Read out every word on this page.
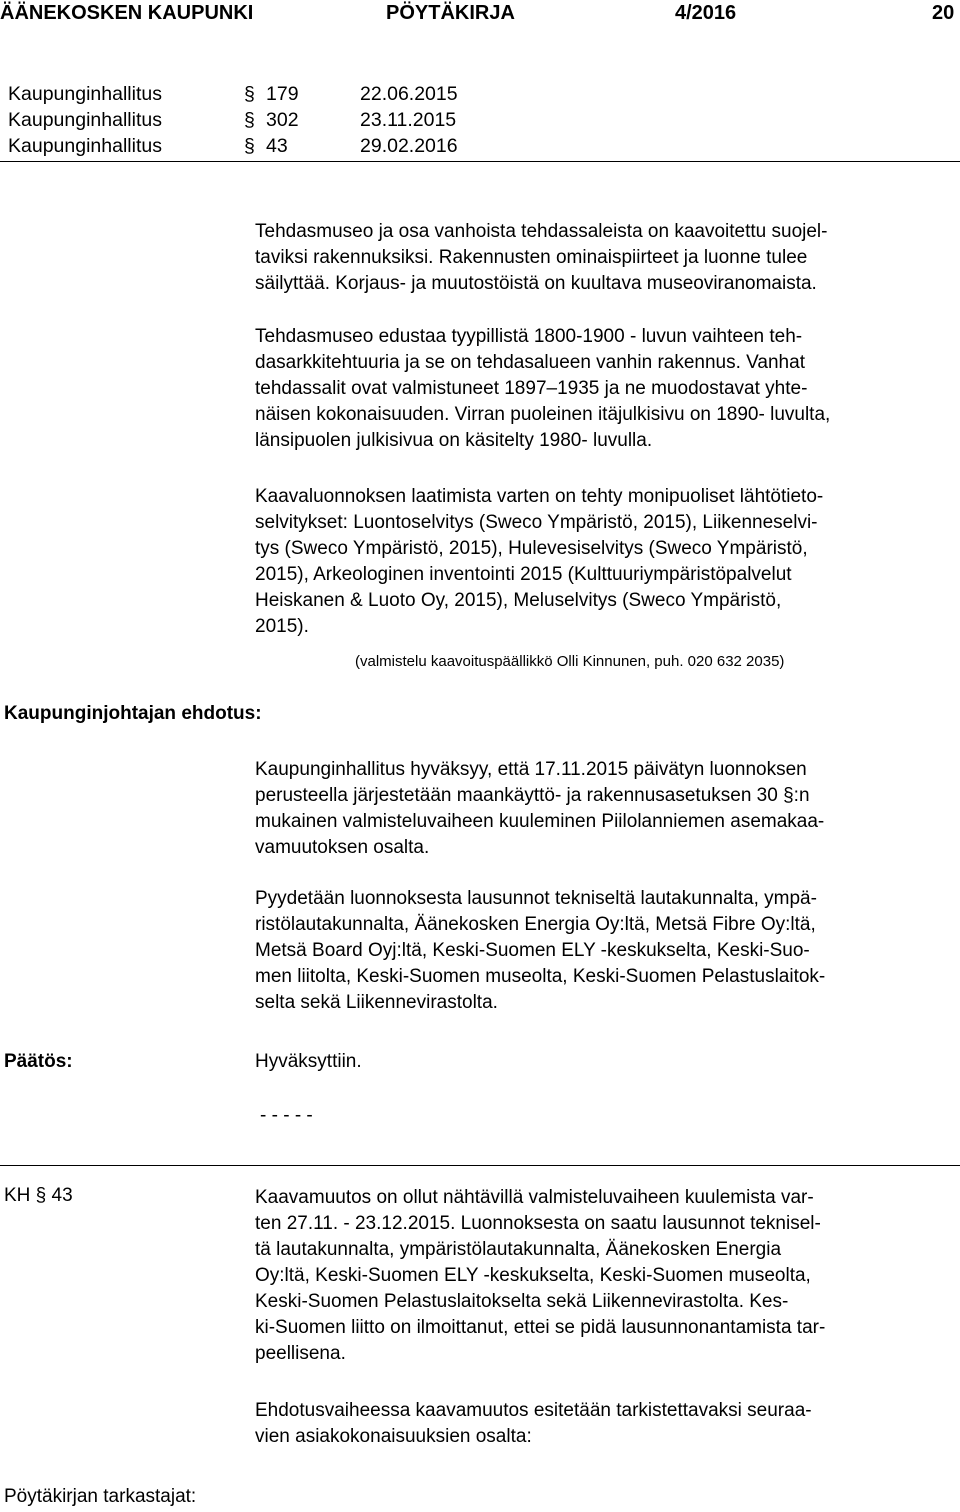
ÄÄNEKOSKEN KAUPUNKI	PÖYTÄKIRJA	4/2016	20
Kaupunginhallitus	§ 179	22.06.2015
Kaupunginhallitus	§ 302	23.11.2015
Kaupunginhallitus	§ 43	29.02.2016
Tehdasmuseo ja osa vanhoista tehdassaleista on kaavoitettu suojel-
taviksi rakennuksiksi. Rakennusten ominaispiirteet ja luonne tulee
säilyttää. Korjaus- ja muutostöistä on kuultava museoviranomaista.
Tehdasmuseo edustaa tyypillistä 1800-1900 - luvun vaihteen teh-
dasarkkitehtuuria ja se on tehdasalueen vanhin rakennus. Vanhat
tehdassalit ovat valmistuneet 1897–1935 ja ne muodostavat yhte-
näisen kokonaisuuden. Virran puoleinen itäjulkisivu on 1890- luvulta,
länsipuolen julkisivua on käsitelty 1980- luvulla.
Kaavaluonnoksen laatimista varten on tehty monipuoliset lähtötieto-
selvitykset: Luontoselvitys (Sweco Ympäristö, 2015), Liikenneselvi-
tys (Sweco Ympäristö, 2015), Hulevesiselvitys (Sweco Ympäristö,
2015), Arkeologinen inventointi 2015 (Kulttuuriympäristöpalvelut
Heiskanen & Luoto Oy, 2015), Meluselvitys (Sweco Ympäristö,
2015).
(valmistelu kaavoituspäällikkö Olli Kinnunen, puh. 020 632 2035)
Kaupunginjohtajan ehdotus:
Kaupunginhallitus hyväksyy, että 17.11.2015 päivätyn luonnoksen
perusteella järjestetään maankäyttö- ja rakennusasetuksen 30 §:n
mukainen valmisteluvaiheen kuuleminen Piilolanniemen asemakaa-
vamuutoksen osalta.
Pyydetään luonnoksesta lausunnot tekniseltä lautakunnalta, ympä-
ristölautakunnalta, Äänekosken Energia Oy:ltä, Metsä Fibre Oy:ltä,
Metsä Board Oyj:ltä, Keski-Suomen ELY -keskukselta, Keski-Suo-
men liitolta, Keski-Suomen museolta, Keski-Suomen Pelastuslaitok-
selta sekä Liikennevirastolta.
Päätös:	Hyväksyttiin.
- - - - -
KH § 43	Kaavamuutos on ollut nähtävillä valmisteluvaiheen kuulemista var-
ten 27.11. - 23.12.2015. Luonnoksesta on saatu lausunnot teknisel-
tä lautakunnalta, ympäristölautakunnalta, Äänekosken Energia
Oy:ltä, Keski-Suomen ELY -keskukselta, Keski-Suomen museolta,
Keski-Suomen Pelastuslaitokselta sekä Liikennevirastolta. Kes-
ki-Suomen liitto on ilmoittanut, ettei se pidä lausunnonantamista tar-
peellisena.
Ehdotusvaiheessa kaavamuutos esitetään tarkistettavaksi seuraa-
vien asiakokonaisuuksien osalta:
Pöytäkirjan tarkastajat:
